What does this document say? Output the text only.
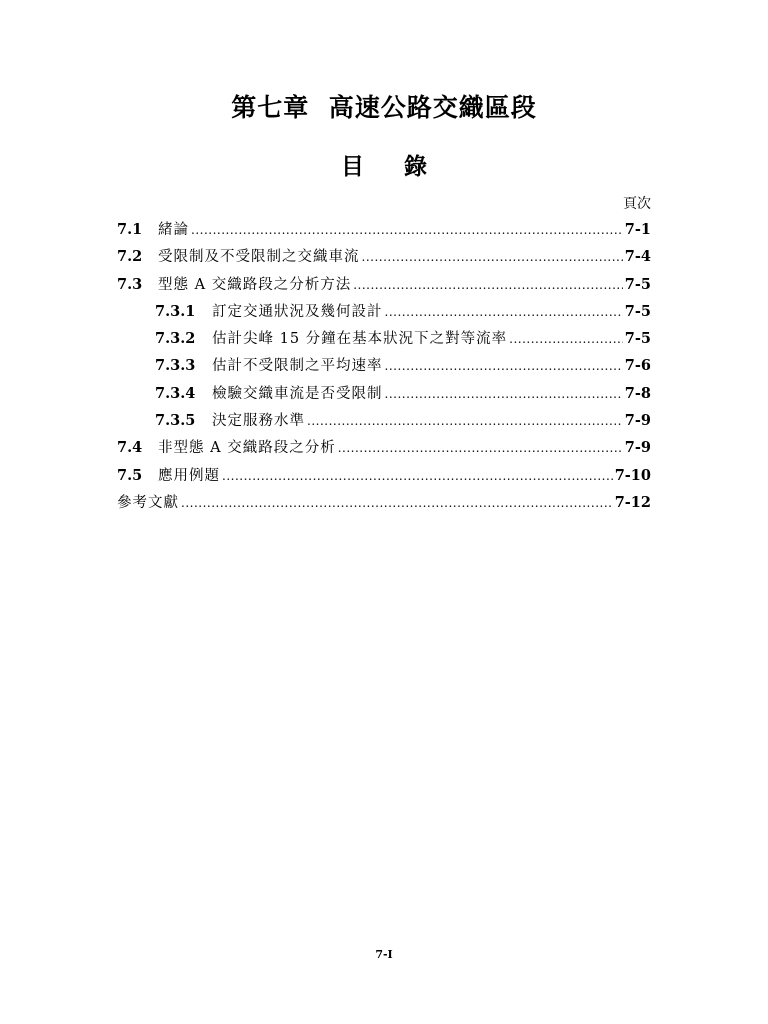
第七章  高速公路交織區段
目 錄
頁次
7.1	緒論 .....	7-1
7.2	受限制及不受限制之交織車流 .....	7-4
7.3	型態 A 交織路段之分析方法 .....	7-5
7.3.1	訂定交通狀況及幾何設計 .....	7-5
7.3.2	估計尖峰 15 分鐘在基本狀況下之對等流率 .....	7-5
7.3.3	估計不受限制之平均速率 .....	7-6
7.3.4	檢驗交織車流是否受限制 .....	7-8
7.3.5	決定服務水準 .....	7-9
7.4	非型態 A 交織路段之分析 .....	7-9
7.5	應用例題 .....	7-10
參考文獻 .....	7-12
7-I
